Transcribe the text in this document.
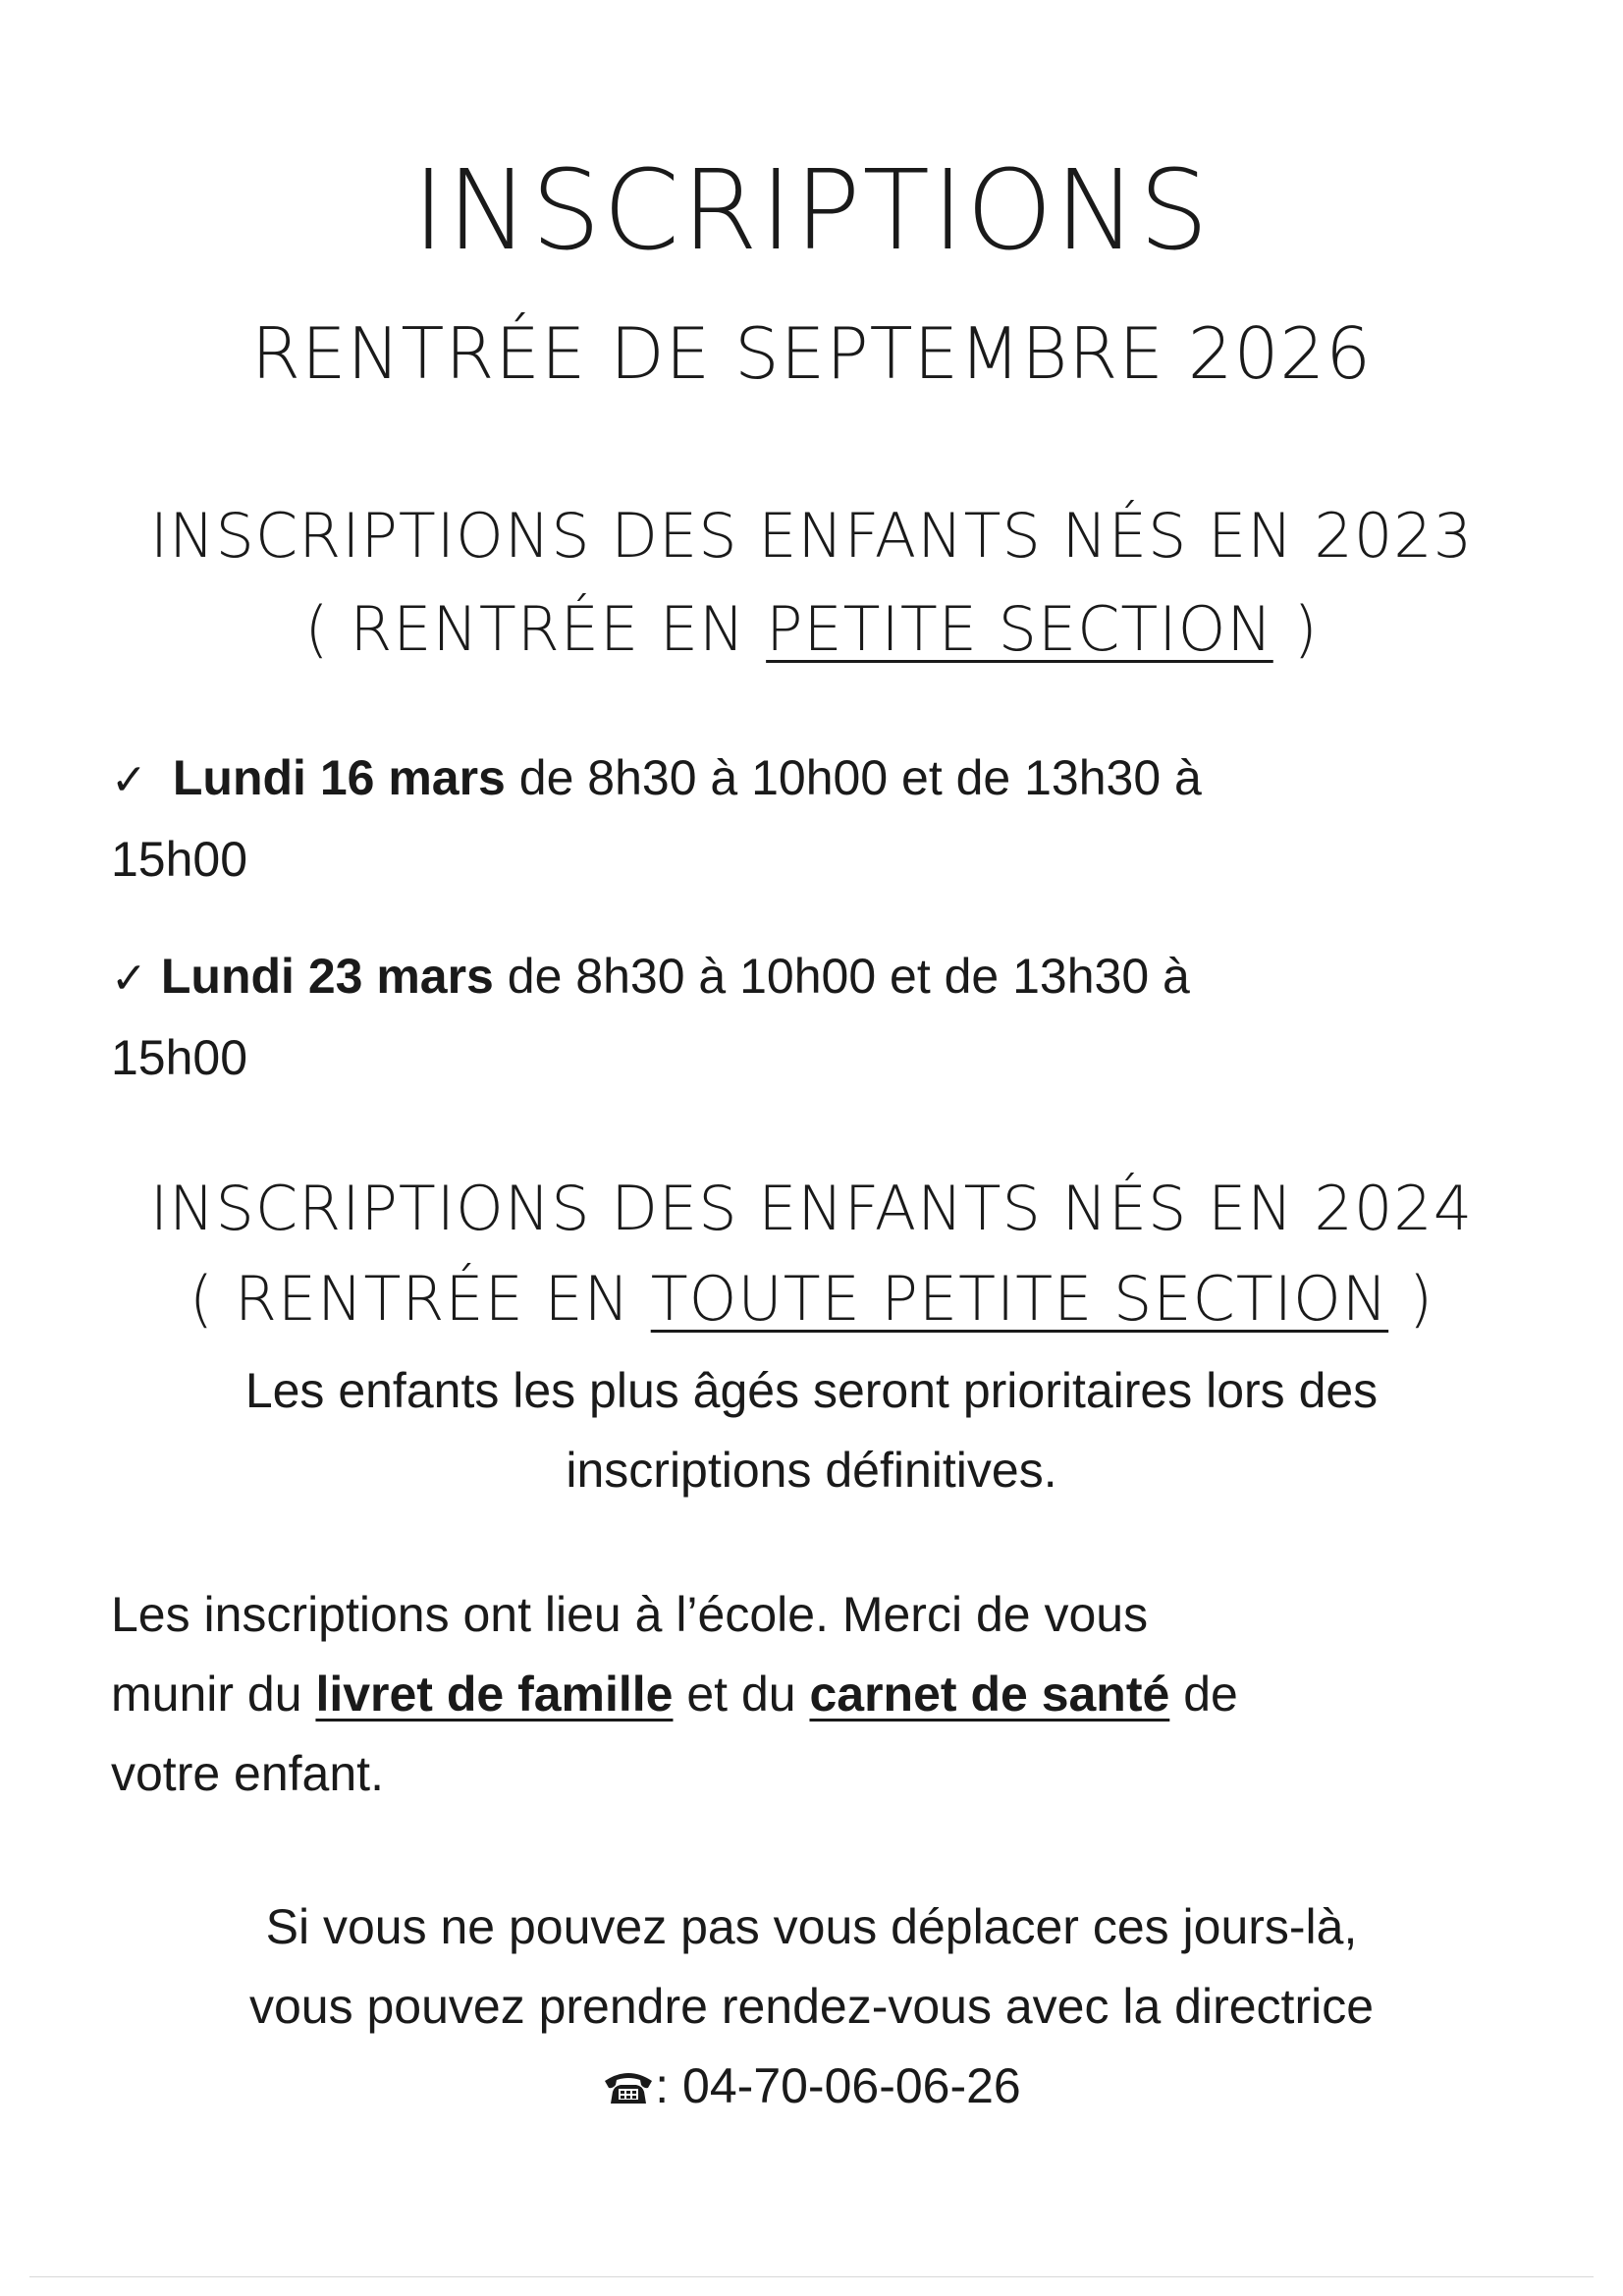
INSCRIPTIONS
RENTRÉE DE SEPTEMBRE 2026
INSCRIPTIONS DES ENFANTS NÉS EN 2023
( RENTRÉE EN PETITE SECTION )
✓ Lundi 16 mars de 8h30 à 10h00 et de 13h30 à
15h00
✓ Lundi 23 mars de 8h30 à 10h00 et de 13h30 à
15h00
INSCRIPTIONS DES ENFANTS NÉS EN 2024
( RENTRÉE EN TOUTE PETITE SECTION )
Les enfants les plus âgés seront prioritaires lors des
inscriptions définitives.
Les inscriptions ont lieu à l’école. Merci de vous
munir du livret de famille et du carnet de santé de
votre enfant.
Si vous ne pouvez pas vous déplacer ces jours-là,
vous pouvez prendre rendez-vous avec la directrice
: 04-70-06-06-26
